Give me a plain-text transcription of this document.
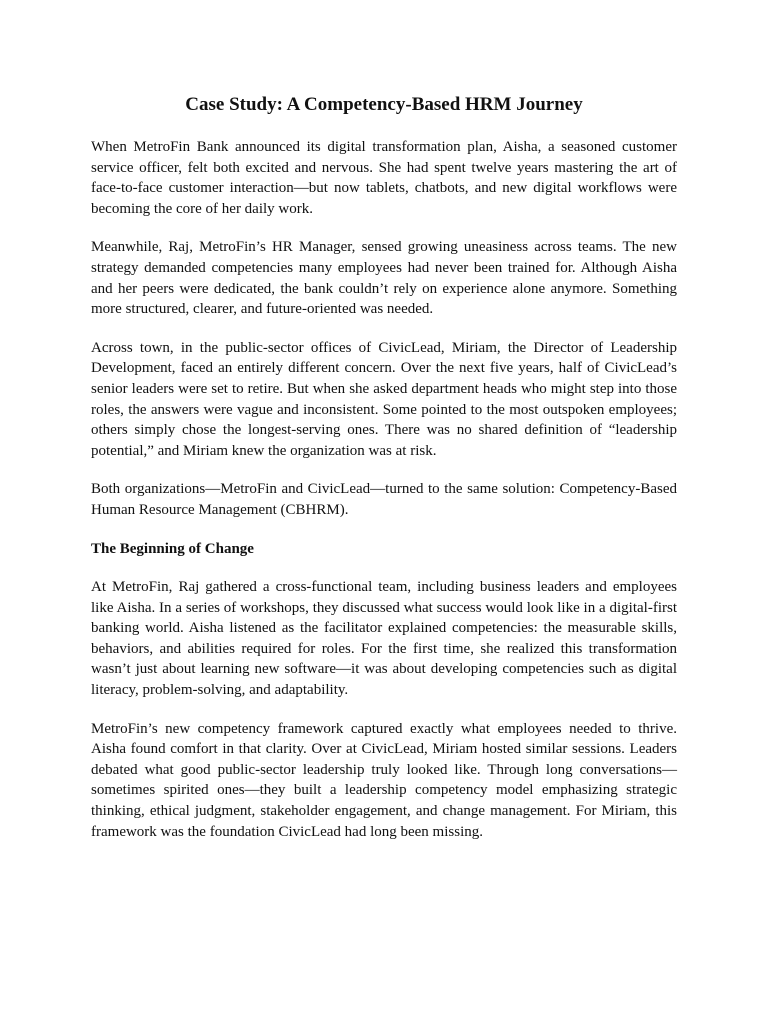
Case Study: A Competency-Based HRM Journey

When MetroFin Bank announced its digital transformation plan, Aisha, a seasoned customer service officer, felt both excited and nervous. She had spent twelve years mastering the art of face-to-face customer interaction—but now tablets, chatbots, and new digital workflows were becoming the core of her daily work.

Meanwhile, Raj, MetroFin’s HR Manager, sensed growing uneasiness across teams. The new strategy demanded competencies many employees had never been trained for. Although Aisha and her peers were dedicated, the bank couldn’t rely on experience alone anymore. Something more structured, clearer, and future-oriented was needed.

Across town, in the public-sector offices of CivicLead, Miriam, the Director of Leadership Development, faced an entirely different concern. Over the next five years, half of CivicLead’s senior leaders were set to retire. But when she asked department heads who might step into those roles, the answers were vague and inconsistent. Some pointed to the most outspoken employees; others simply chose the longest-serving ones. There was no shared definition of “leadership potential,” and Miriam knew the organization was at risk.

Both organizations—MetroFin and CivicLead—turned to the same solution: Competency-Based Human Resource Management (CBHRM).

The Beginning of Change

At MetroFin, Raj gathered a cross-functional team, including business leaders and employees like Aisha. In a series of workshops, they discussed what success would look like in a digital-first banking world. Aisha listened as the facilitator explained competencies: the measurable skills, behaviors, and abilities required for roles. For the first time, she realized this transformation wasn’t just about learning new software—it was about developing competencies such as digital literacy, problem-solving, and adaptability.

MetroFin’s new competency framework captured exactly what employees needed to thrive. Aisha found comfort in that clarity. Over at CivicLead, Miriam hosted similar sessions. Leaders debated what good public-sector leadership truly looked like. Through long conversations—sometimes spirited ones—they built a leadership competency model emphasizing strategic thinking, ethical judgment, stakeholder engagement, and change management. For Miriam, this framework was the foundation CivicLead had long been missing.
